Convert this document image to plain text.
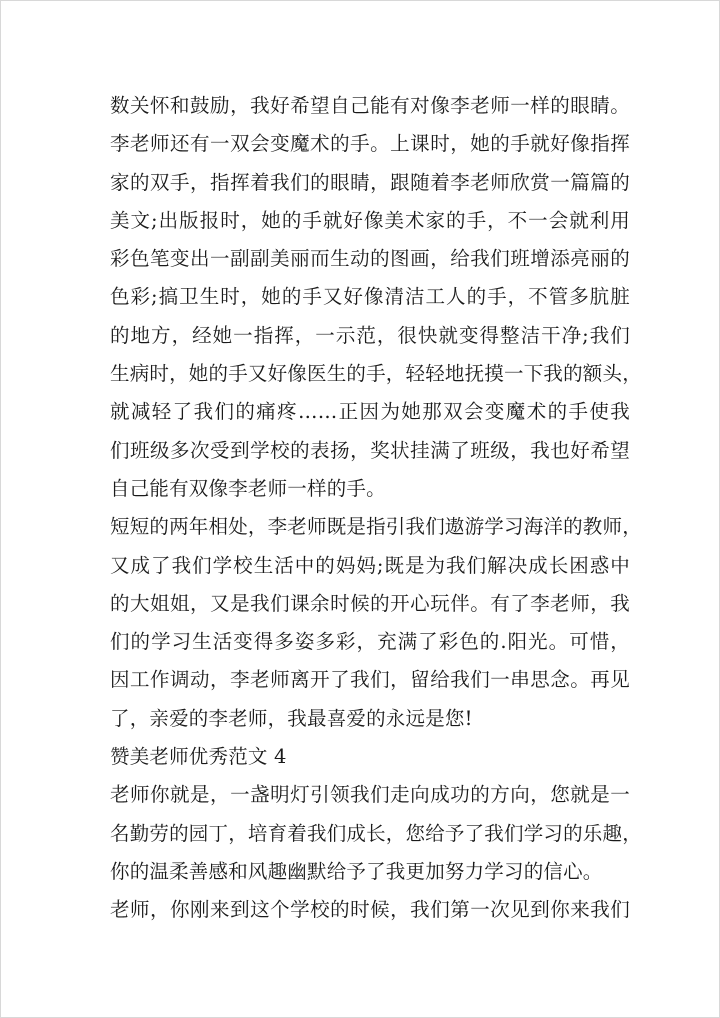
数关怀和鼓励，我好希望自己能有对像李老师一样的眼睛。
李老师还有一双会变魔术的手。上课时，她的手就好像指挥
家的双手，指挥着我们的眼睛，跟随着李老师欣赏一篇篇的
美文;出版报时，她的手就好像美术家的手，不一会就利用
彩色笔变出一副副美丽而生动的图画，给我们班增添亮丽的
色彩;搞卫生时，她的手又好像清洁工人的手，不管多肮脏
的地方，经她一指挥，一示范，很快就变得整洁干净;我们
生病时，她的手又好像医生的手，轻轻地抚摸一下我的额头，
就减轻了我们的痛疼……正因为她那双会变魔术的手使我
们班级多次受到学校的表扬，奖状挂满了班级，我也好希望
自己能有双像李老师一样的手。
短短的两年相处，李老师既是指引我们遨游学习海洋的教师，
又成了我们学校生活中的妈妈;既是为我们解决成长困惑中
的大姐姐，又是我们课余时候的开心玩伴。有了李老师，我
们的学习生活变得多姿多彩，充满了彩色的.阳光。可惜，
因工作调动，李老师离开了我们，留给我们一串思念。再见
了，亲爱的李老师，我最喜爱的永远是您!
赞美老师优秀范文 4
老师你就是，一盏明灯引领我们走向成功的方向，您就是一
名勤劳的园丁，培育着我们成长，您给予了我们学习的乐趣，
你的温柔善感和风趣幽默给予了我更加努力学习的信心。
老师，你刚来到这个学校的时候，我们第一次见到你来我们
